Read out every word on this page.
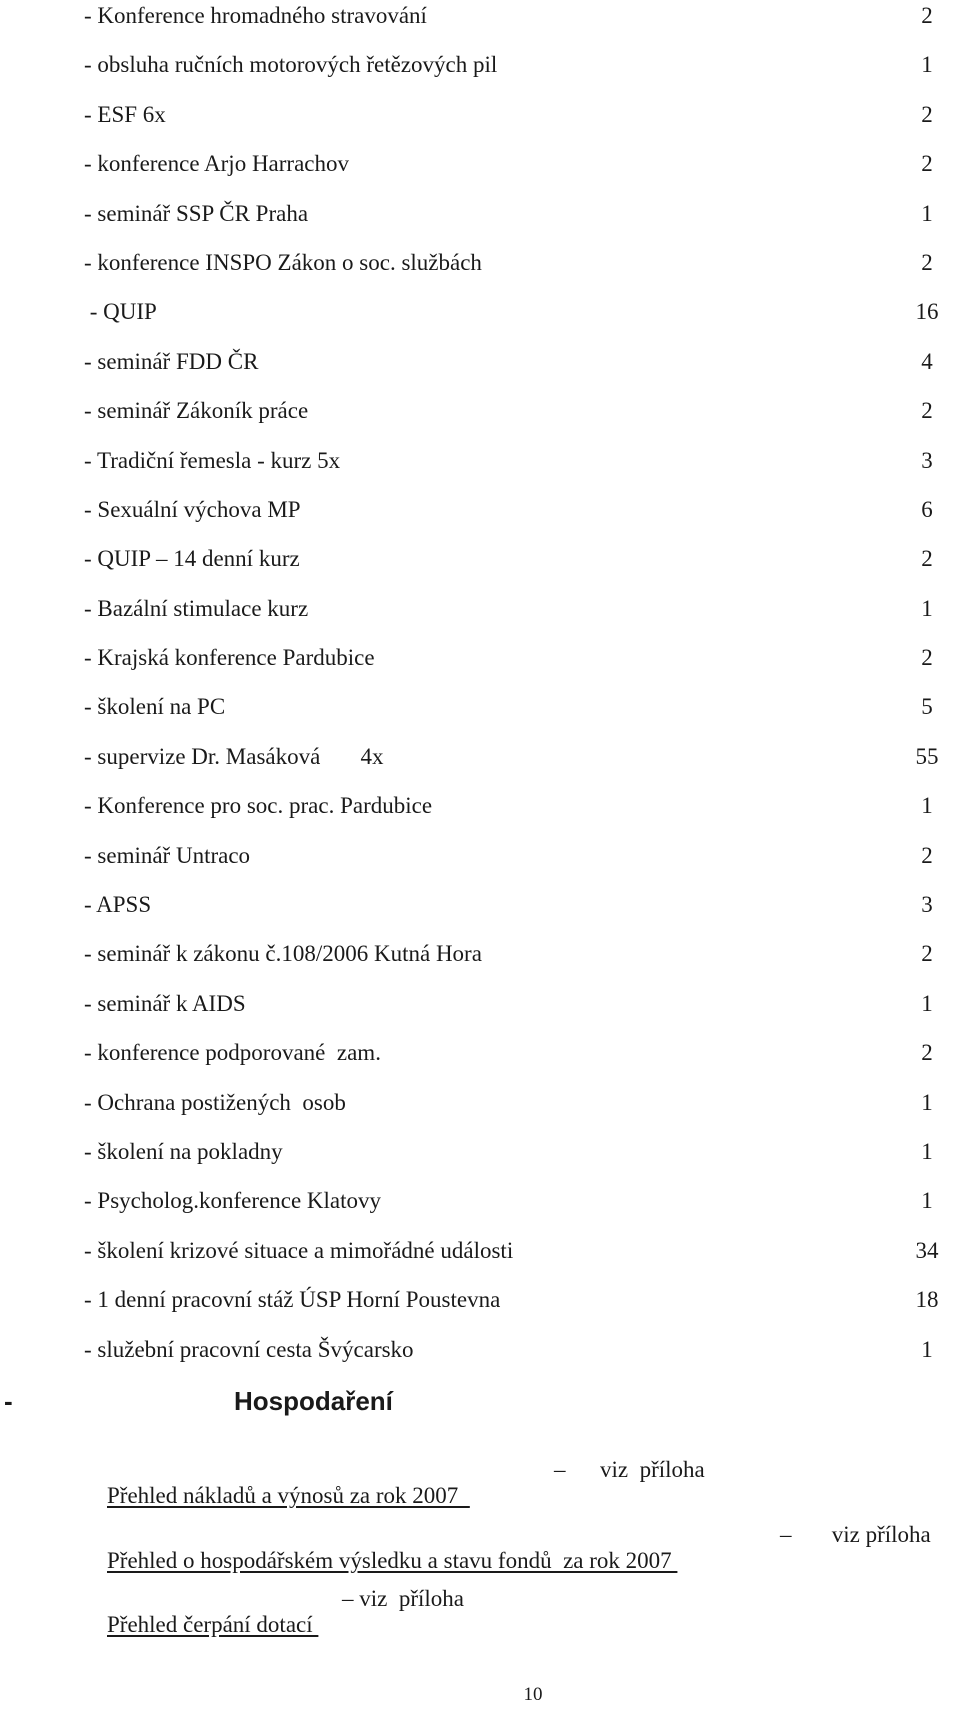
- Konference hromadného stravování	2
- obsluha ručních motorových řetězových pil	1
- ESF 6x	2
- konference Arjo Harrachov	2
- seminář SSP ČR Praha	1
- konference INSPO Zákon o soc. službách	2
- QUIP	16
- seminář FDD ČR	4
- seminář Zákoník práce	2
- Tradiční řemesla - kurz 5x	3
- Sexuální výchova MP	6
- QUIP – 14 denní kurz	2
- Bazální stimulace kurz	1
- Krajská konference Pardubice	2
- školení na PC	5
- supervize Dr. Masáková       4x	55
- Konference pro soc. prac. Pardubice	1
- seminář Untraco	2
- APSS	3
- seminář k zákonu č.108/2006 Kutná Hora	2
- seminář k AIDS	1
- konference podporované  zam.	2
- Ochrana postižených  osob	1
- školení na pokladny	1
- Psycholog.konference Klatovy	1
- školení krizové situace a mimořádné události	34
- 1 denní pracovní stáž ÚSP Horní Poustevna	18
- služební pracovní cesta Švýcarsko	1
-	Hospodaření

Přehled nákladů a výnosů za rok 2007

–      viz  příloha

Přehled o hospodářském výsledku a stavu fondů  za rok 2007

–       viz příloha

Přehled čerpání dotací

– viz  příloha

10
